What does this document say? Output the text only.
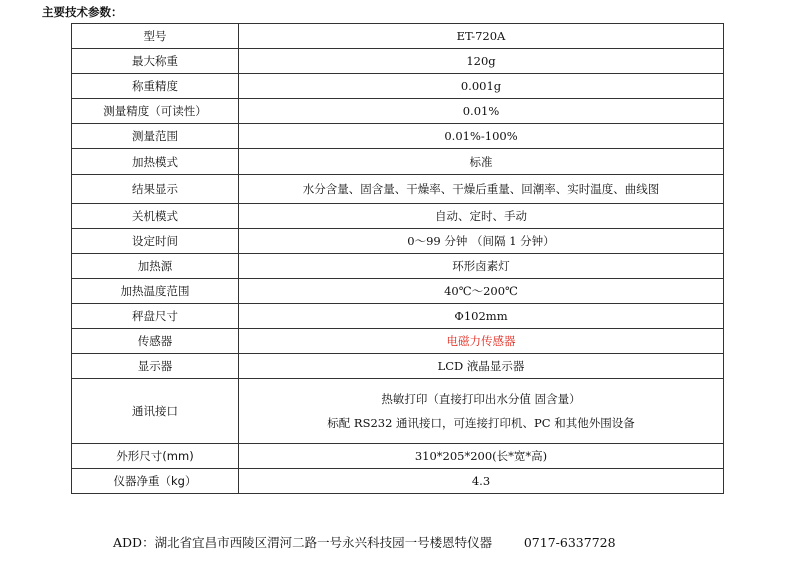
主要技术参数：
型号	ET-720A
最大称重	120g
称重精度	0.001g
测量精度（可读性）	0.01%
测量范围	0.01%-100%
加热模式	标准
结果显示	水分含量、固含量、干燥率、干燥后重量、回潮率、实时温度、曲线图
关机模式	自动、定时、手动
设定时间	0～99 分钟 （间隔 1 分钟）
加热源	环形卤素灯
加热温度范围	40℃～200℃
秤盘尺寸	Φ102mm
传感器	电磁力传感器
显示器	LCD 液晶显示器
通讯接口	热敏打印（直接打印出水分值 固含量）
标配 RS232 通讯接口，可连接打印机、PC 和其他外围设备

外形尺寸(mm)	310*205*200(长*宽*高)
仪器净重（kg）	4.3
ADD：湖北省宜昌市西陵区渭河二路一号永兴科技园一号楼恩特仪器        0717-6337728
